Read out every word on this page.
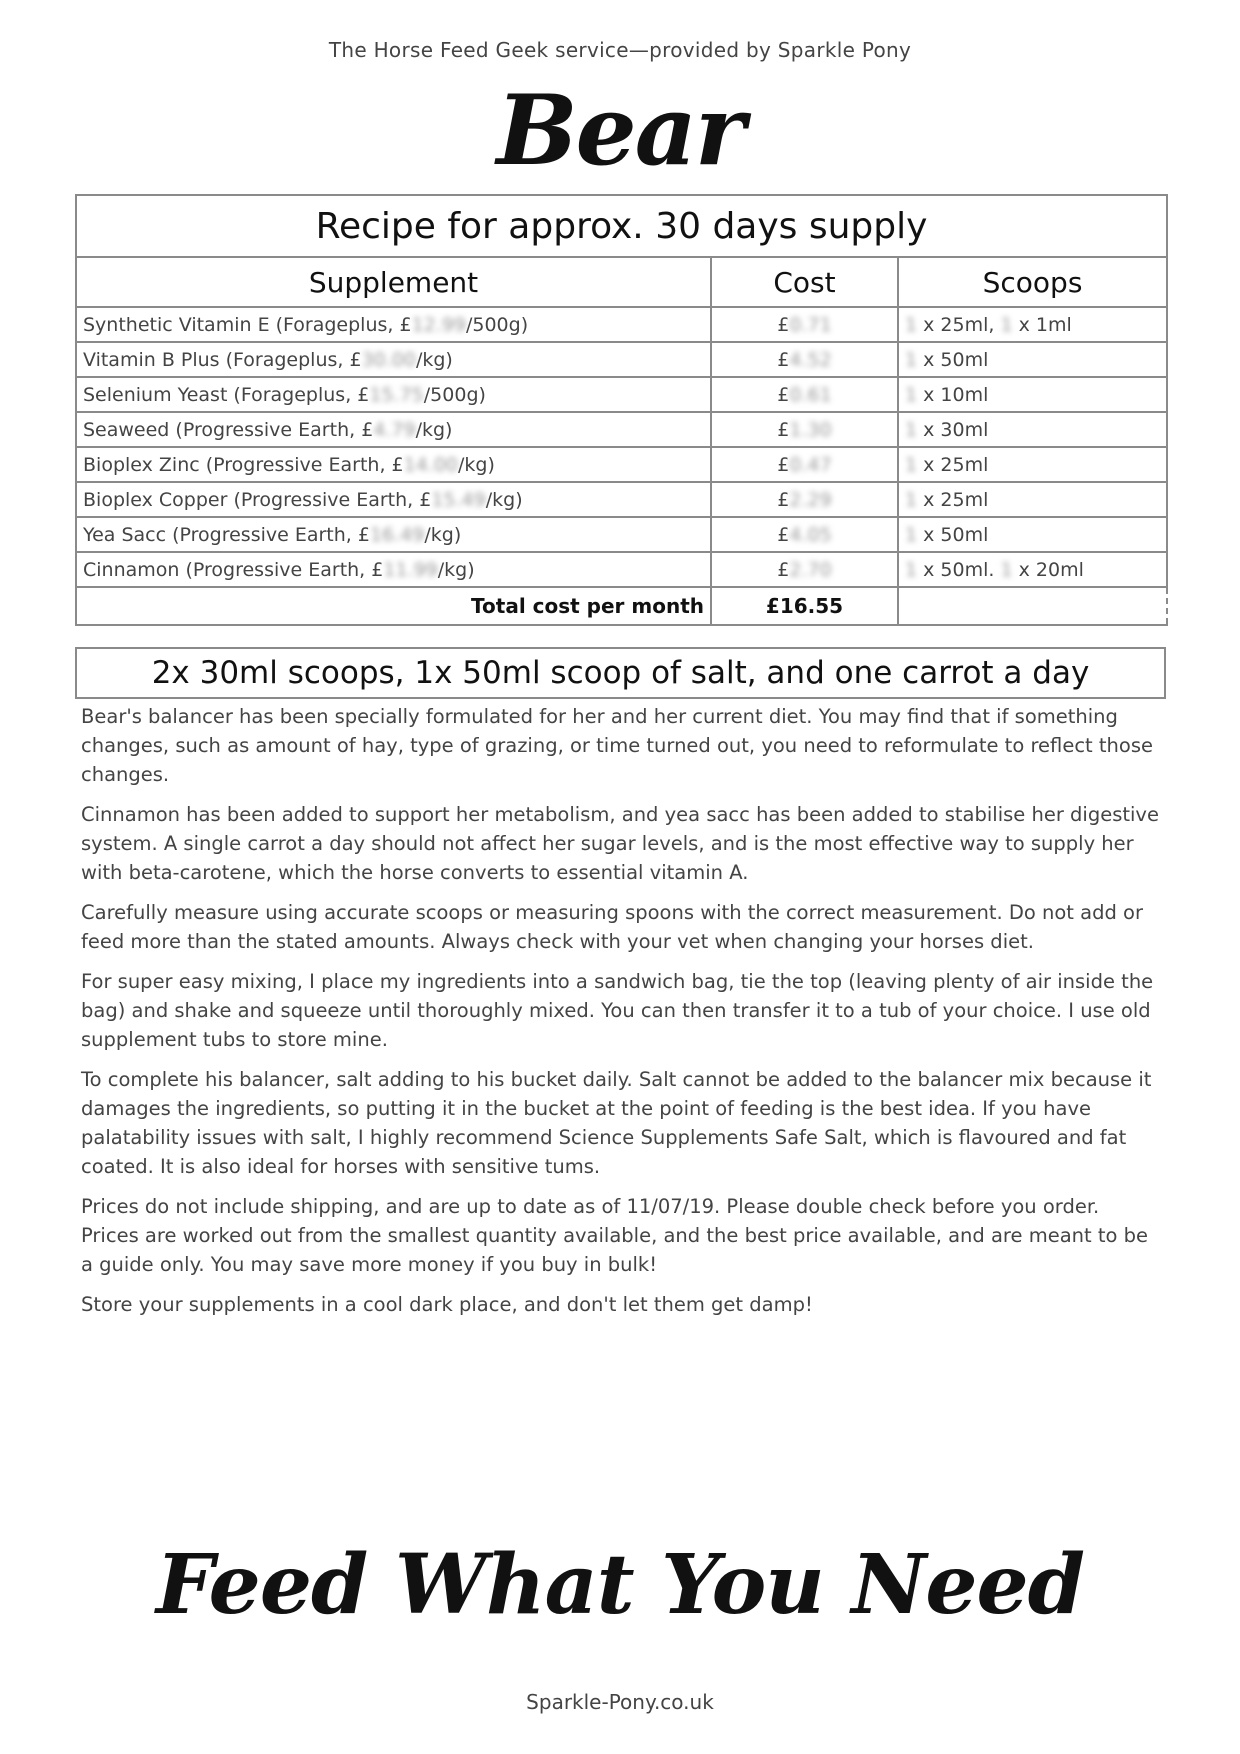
The Horse Feed Geek service—provided by Sparkle Pony
Bear
Recipe for approx. 30 days supply		
Supplement	Cost	Scoops
Synthetic Vitamin E (Forageplus, £12.99/500g)	£0.71	1 x 25ml, 1 x 1ml
Vitamin B Plus (Forageplus, £30.00/kg)	£4.52	1 x 50ml
Selenium Yeast (Forageplus, £15.75/500g)	£0.61	1 x 10ml
Seaweed (Progressive Earth, £4.79/kg)	£1.30	1 x 30ml
Bioplex Zinc (Progressive Earth, £14.00/kg)	£0.47	1 x 25ml
Bioplex Copper (Progressive Earth, £15.49/kg)	£2.29	1 x 25ml
Yea Sacc (Progressive Earth, £16.49/kg)	£4.05	1 x 50ml
Cinnamon (Progressive Earth, £11.99/kg)	£2.70	1 x 50ml. 1 x 20ml
Total cost per month	£16.55	
2x 30ml scoops, 1x 50ml scoop of salt, and one carrot a day

Bear's balancer has been specially formulated for her and her current diet. You may find that if something changes, such as amount of hay, type of grazing, or time turned out, you need to reformulate to reflect those changes.

Cinnamon has been added to support her metabolism, and yea sacc has been added to stabilise her digestive system. A single carrot a day should not affect her sugar levels, and is the most effective way to supply her with beta-carotene, which the horse converts to essential vitamin A.

Carefully measure using accurate scoops or measuring spoons with the correct measurement. Do not add or feed more than the stated amounts. Always check with your vet when changing your horses diet.

For super easy mixing, I place my ingredients into a sandwich bag, tie the top (leaving plenty of air inside the bag) and shake and squeeze until thoroughly mixed. You can then transfer it to a tub of your choice. I use old supplement tubs to store mine.

To complete his balancer, salt adding to his bucket daily. Salt cannot be added to the balancer mix because it damages the ingredients, so putting it in the bucket at the point of feeding is the best idea. If you have palatability issues with salt, I highly recommend Science Supplements Safe Salt, which is flavoured and fat coated. It is also ideal for horses with sensitive tums.

Prices do not include shipping, and are up to date as of 11/07/19. Please double check before you order. Prices are worked out from the smallest quantity available, and the best price available, and are meant to be a guide only. You may save more money if you buy in bulk!

Store your supplements in a cool dark place, and don't let them get damp!

Feed What You Need
Sparkle-Pony.co.uk
